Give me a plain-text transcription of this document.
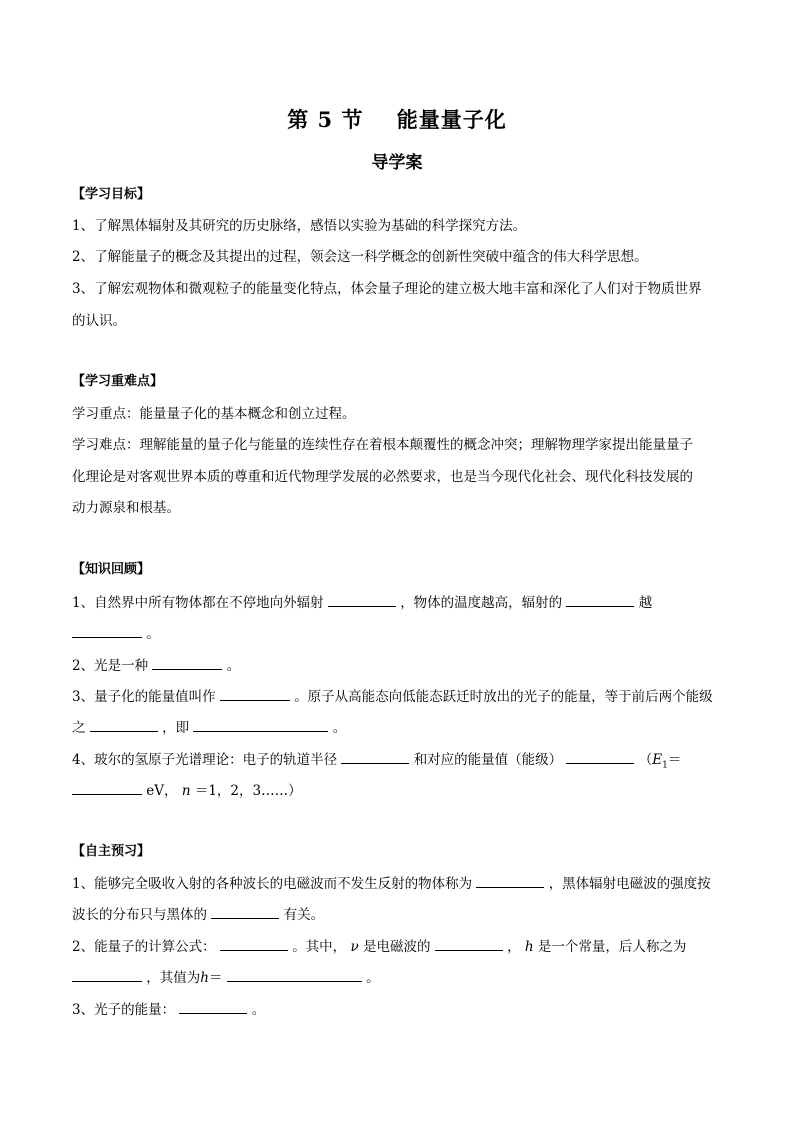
第 5 节    能量量子化
导学案
【学习目标】
1、了解黑体辐射及其研究的历史脉络，感悟以实验为基础的科学探究方法。
2、了解能量子的概念及其提出的过程，领会这一科学概念的创新性突破中蕴含的伟大科学思想。
3、了解宏观物体和微观粒子的能量变化特点，体会量子理论的建立极大地丰富和深化了人们对于物质世界
的认识。
【学习重难点】
学习重点：能量量子化的基本概念和创立过程。
学习难点：理解能量的量子化与能量的连续性存在着根本颠覆性的概念冲突；理解物理学家提出能量量子
化理论是对客观世界本质的尊重和近代物理学发展的必然要求，也是当今现代化社会、现代化科技发展的
动力源泉和根基。
【知识回顾】
1、自然界中所有物体都在不停地向外辐射	，物体的温度越高，辐射的	越
。
2、光是一种	。
3、量子化的能量值叫作	。原子从高能态向低能态跃迁时放出的光子的能量，等于前后两个能级
之	，即	。
4、玻尔的氢原子光谱理论：电子的轨道半径	和对应的能量值（能级）	（$E_1=$
eV， n ＝1，2，3……）
【自主预习】
1、能够完全吸收入射的各种波长的电磁波而不发生反射的物体称为	，黑体辐射电磁波的强度按
波长的分布只与黑体的	有关。
2、能量子的计算公式：	。其中， ν 是电磁波的	， h 是一个常量，后人称之为
，其值为h＝	。
3、光子的能量：	。
